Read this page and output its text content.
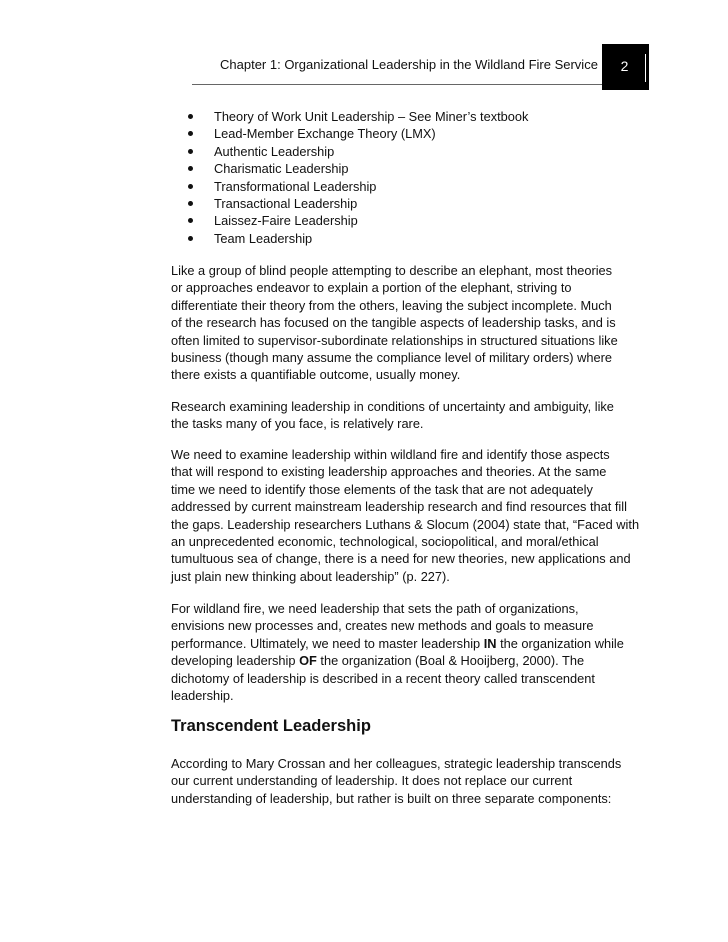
Chapter 1: Organizational Leadership in the Wildland Fire Service	2
Theory of Work Unit Leadership – See Miner’s textbook
Lead-Member Exchange Theory (LMX)
Authentic Leadership
Charismatic Leadership
Transformational Leadership
Transactional Leadership
Laissez-Faire Leadership
Team Leadership

Like a group of blind people attempting to describe an elephant, most theories
or approaches endeavor to explain a portion of the elephant, striving to
differentiate their theory from the others, leaving the subject incomplete. Much
of the research has focused on the tangible aspects of leadership tasks, and is
often limited to supervisor-subordinate relationships in structured situations like
business (though many assume the compliance level of military orders) where
there exists a quantifiable outcome, usually money.

Research examining leadership in conditions of uncertainty and ambiguity, like
the tasks many of you face, is relatively rare.

We need to examine leadership within wildland fire and identify those aspects
that will respond to existing leadership approaches and theories. At the same
time we need to identify those elements of the task that are not adequately
addressed by current mainstream leadership research and find resources that fill
the gaps. Leadership researchers Luthans & Slocum (2004) state that, “Faced with
an unprecedented economic, technological, sociopolitical, and moral/ethical
tumultuous sea of change, there is a need for new theories, new applications and
just plain new thinking about leadership” (p. 227).

For wildland fire, we need leadership that sets the path of organizations,
envisions new processes and, creates new methods and goals to measure
performance. Ultimately, we need to master leadership IN the organization while
developing leadership OF the organization (Boal & Hooijberg, 2000). The
dichotomy of leadership is described in a recent theory called transcendent
leadership.

Transcendent Leadership

According to Mary Crossan and her colleagues, strategic leadership transcends
our current understanding of leadership. It does not replace our current
understanding of leadership, but rather is built on three separate components:
